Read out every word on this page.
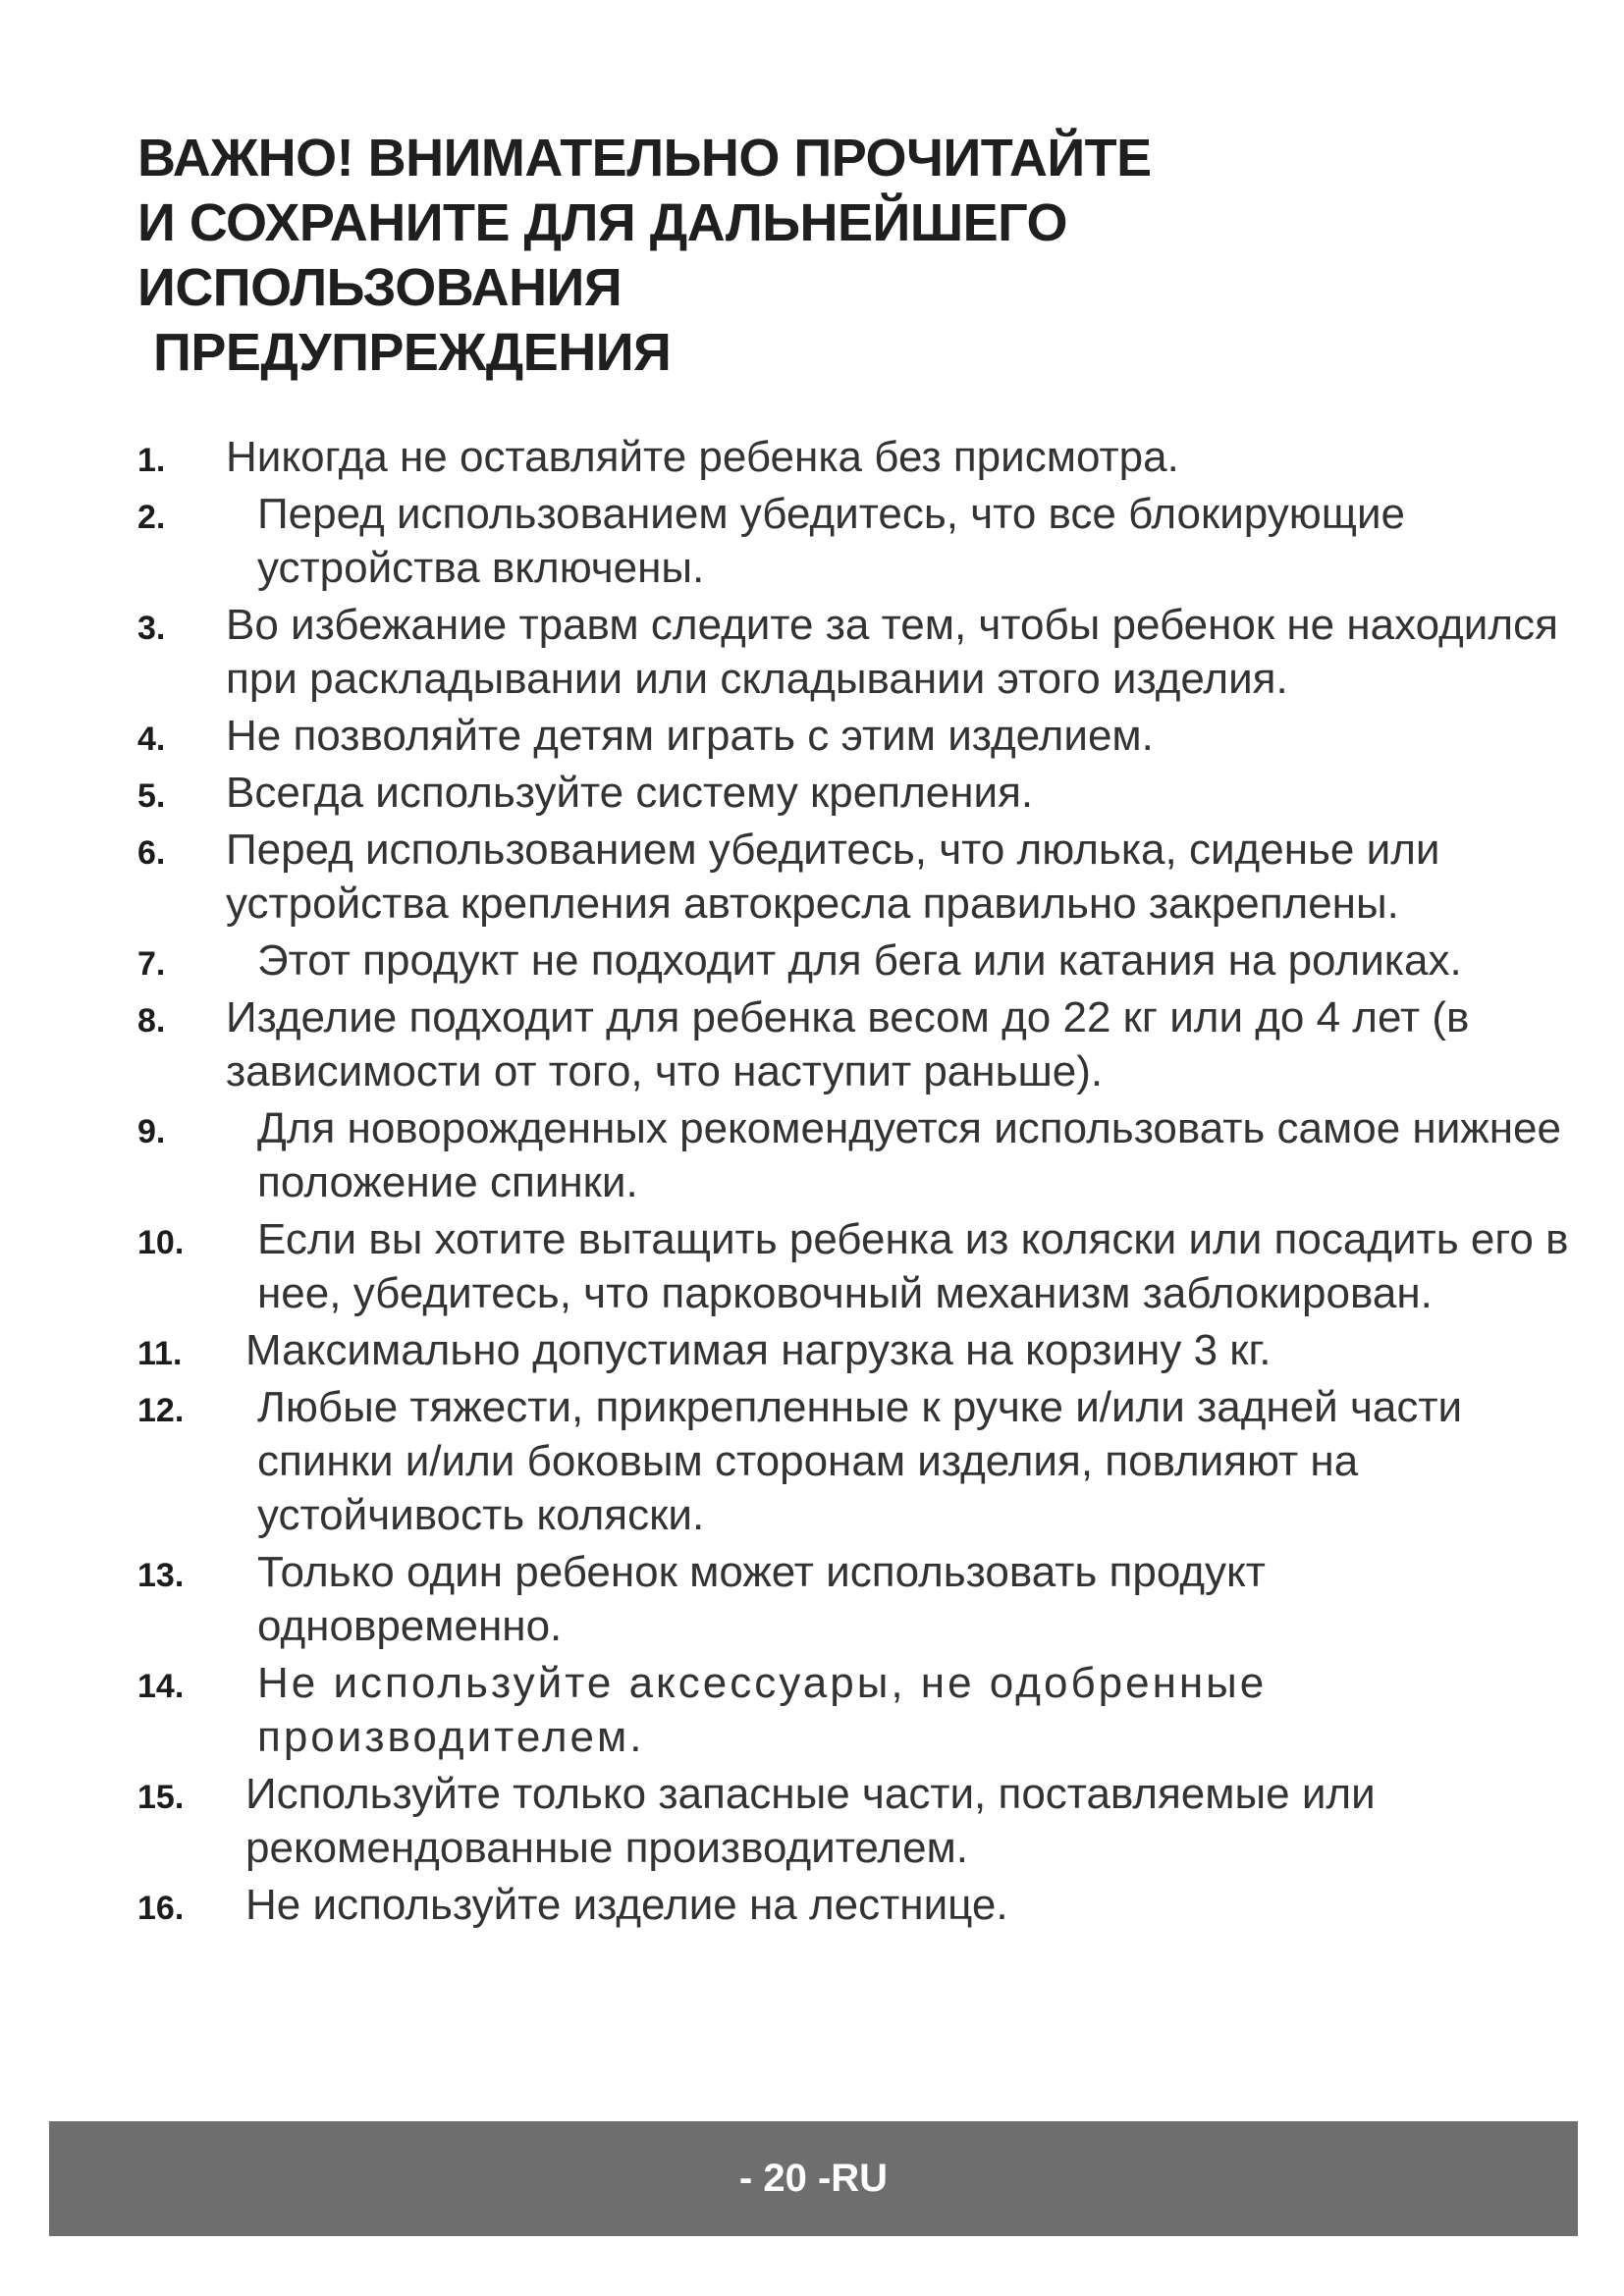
ВАЖНО! ВНИМАТЕЛЬНО ПРОЧИТАЙТЕ
И СОХРАНИТЕ ДЛЯ ДАЛЬНЕЙШЕГО
ИСПОЛЬЗОВАНИЯ
ПРЕДУПРЕЖДЕНИЯ
1. Никогда не оставляйте ребенка без присмотра.
2.	Перед использованием убедитесь, что все блокирующие устройства включены.
3. Во избежание травм следите за тем, чтобы ребенок не находился при раскладывании или складывании этого изделия.
4. Не позволяйте детям играть с этим изделием.
5. Всегда используйте систему крепления.
6. Перед использованием убедитесь, что люлька, сиденье или устройства крепления автокресла правильно закреплены.
7.	Этот продукт не подходит для бега или катания на роликах.
8. Изделие подходит для ребенка весом до 22 кг или до 4 лет (в зависимости от того, что наступит раньше).
9.	Для новорожденных рекомендуется использовать самое нижнее положение спинки.
10.	Если вы хотите вытащить ребенка из коляски или посадить его в нее, убедитесь, что парковочный механизм заблокирован.
11.	Максимально допустимая нагрузка на корзину 3 кг.
12.	Любые тяжести, прикрепленные к ручке и/или задней части спинки и/или боковым сторонам изделия, повлияют на устойчивость коляски.
13.	Только один ребенок может использовать продукт одновременно.
14.	Не используйте аксессуары, не одобренные производителем.
15.	Используйте только запасные части, поставляемые или рекомендованные производителем.
16.	Не используйте изделие на лестнице.
- 20 -RU
